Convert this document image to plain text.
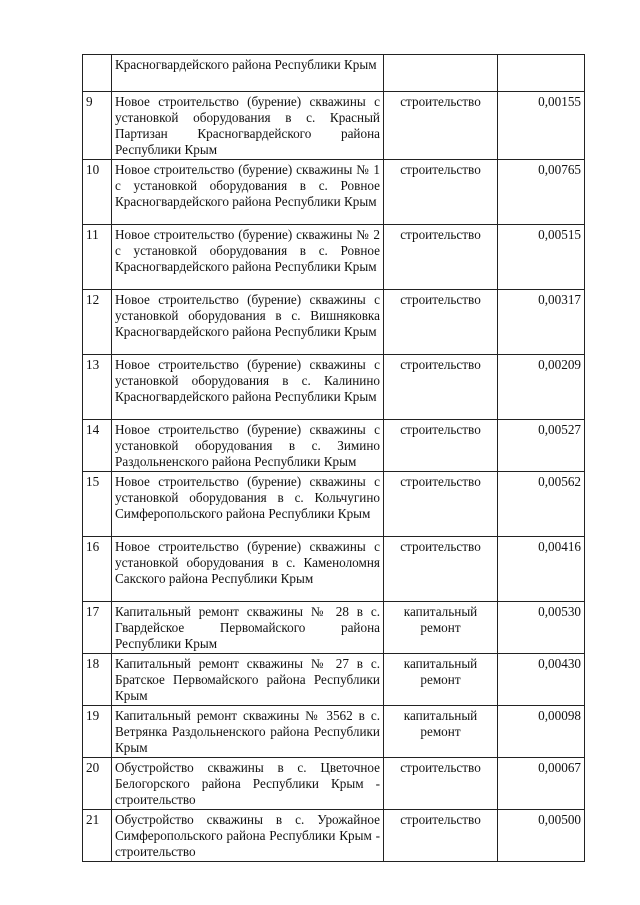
	Красногвардейского района Республики Крым		
9	Новое строительство (бурение) скважины с установкой оборудования в с. Красный Партизан Красногвардейского района Республики Крым	строительство	0,00155
10	Новое строительство (бурение) скважины № 1 с установкой оборудования в с. Ровное Красногвардейского района Республики Крым	строительство	0,00765
11	Новое строительство (бурение) скважины № 2 с установкой оборудования в с. Ровное Красногвардейского района Республики Крым	строительство	0,00515
12	Новое строительство (бурение) скважины с установкой оборудования в с. Вишняковка Красногвардейского района Республики Крым	строительство	0,00317
13	Новое строительство (бурение) скважины с установкой оборудования в с. Калинино Красногвардейского района Республики Крым	строительство	0,00209
14	Новое строительство (бурение) скважины с установкой оборудования в с. Зимино Раздольненского района Республики Крым	строительство	0,00527
15	Новое строительство (бурение) скважины с установкой оборудования в с. Кольчугино Симферопольского района Республики Крым	строительство	0,00562
16	Новое строительство (бурение) скважины с установкой оборудования в с. Каменоломня Сакского района Республики Крым	строительство	0,00416
17	Капитальный ремонт скважины № 28 в с. Гвардейское Первомайского района Республики Крым	капитальный ремонт	0,00530
18	Капитальный ремонт скважины № 27 в с. Братское Первомайского района Республики Крым	капитальный ремонт	0,00430
19	Капитальный ремонт скважины № 3562 в с. Ветрянка Раздольненского района Республики Крым	капитальный ремонт	0,00098
20	Обустройство скважины в с. Цветочное Белогорского района Республики Крым - строительство	строительство	0,00067
21	Обустройство скважины в с. Урожайное Симферопольского района Республики Крым - строительство	строительство	0,00500
